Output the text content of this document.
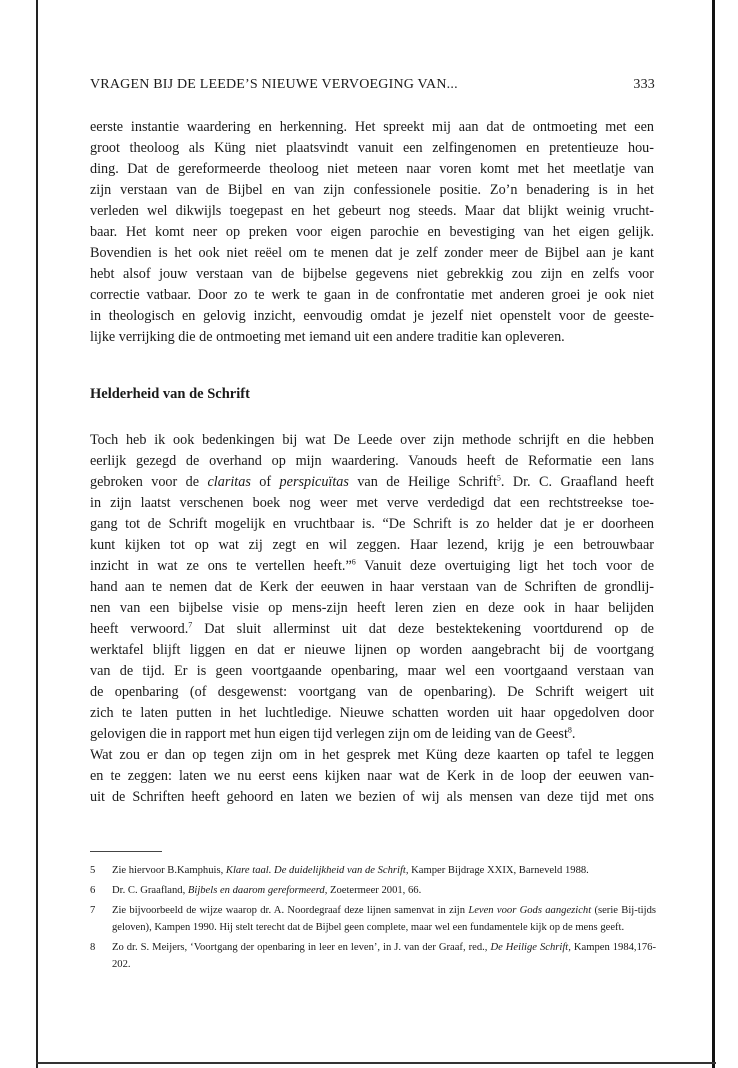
VRAGEN BIJ DE LEEDE’S NIEUWE VERVOEGING VAN...	333
eerste instantie waardering en herkenning. Het spreekt mij aan dat de ontmoeting met een
groot theoloog als Küng niet plaatsvindt vanuit een zelfingenomen en pretentieuze hou-
ding. Dat de gereformeerde theoloog niet meteen naar voren komt met het meetlatje van
zijn verstaan van de Bijbel en van zijn confessionele positie. Zo’n benadering is in het
verleden wel dikwijls toegepast en het gebeurt nog steeds. Maar dat blijkt weinig vrucht-
baar. Het komt neer op preken voor eigen parochie en bevestiging van het eigen gelijk.
Bovendien is het ook niet reëel om te menen dat je zelf zonder meer de Bijbel aan je kant
hebt alsof jouw verstaan van de bijbelse gegevens niet gebrekkig zou zijn en zelfs voor
correctie vatbaar. Door zo te werk te gaan in de confrontatie met anderen groei je ook niet
in theologisch en gelovig inzicht, eenvoudig omdat je jezelf niet openstelt voor de geeste-
lijke verrijking die de ontmoeting met iemand uit een andere traditie kan opleveren.
Helderheid van de Schrift
Toch heb ik ook bedenkingen bij wat De Leede over zijn methode schrijft en die hebben
eerlijk gezegd de overhand op mijn waardering. Vanouds heeft de Reformatie een lans
gebroken voor de claritas of perspicuïtas van de Heilige Schrift$^5$. Dr. C. Graafland heeft
in zijn laatst verschenen boek nog weer met verve verdedigd dat een rechtstreekse toe-
gang tot de Schrift mogelijk en vruchtbaar is. “De Schrift is zo helder dat je er doorheen
kunt kijken tot op wat zij zegt en wil zeggen. Haar lezend, krijg je een betrouwbaar
inzicht in wat ze ons te vertellen heeft.”$^6$ Vanuit deze overtuiging ligt het toch voor de
hand aan te nemen dat de Kerk der eeuwen in haar verstaan van de Schriften de grondlij-
nen van een bijbelse visie op mens-zijn heeft leren zien en deze ook in haar belijden
heeft verwoord.$^7$ Dat sluit allerminst uit dat deze bestektekening voortdurend op de
werktafel blijft liggen en dat er nieuwe lijnen op worden aangebracht bij de voortgang
van de tijd. Er is geen voortgaande openbaring, maar wel een voortgaand verstaan van
de openbaring (of desgewenst: voortgang van de openbaring). De Schrift weigert uit
zich te laten putten in het luchtledige. Nieuwe schatten worden uit haar opgedolven door
gelovigen die in rapport met hun eigen tijd verlegen zijn om de leiding van de Geest$^8$.
Wat zou er dan op tegen zijn om in het gesprek met Küng deze kaarten op tafel te leggen
en te zeggen: laten we nu eerst eens kijken naar wat de Kerk in de loop der eeuwen van-
uit de Schriften heeft gehoord en laten we bezien of wij als mensen van deze tijd met ons
5	Zie hiervoor B.Kamphuis, Klare taal. De duidelijkheid van de Schrift, Kamper Bijdrage XXIX, Barneveld 1988.
6	Dr. C. Graafland, Bijbels en daarom gereformeerd, Zoetermeer 2001, 66.
7	Zie bijvoorbeeld de wijze waarop dr. A. Noordegraaf deze lijnen samenvat in zijn Leven voor Gods aangezicht (serie Bij-tijds geloven), Kampen 1990. Hij stelt terecht dat de Bijbel geen complete, maar wel een fundamentele kijk op de mens geeft.
8	Zo dr. S. Meijers, ‘Voortgang der openbaring in leer en leven’, in J. van der Graaf, red., De Heilige Schrift, Kampen 1984,176-202.
